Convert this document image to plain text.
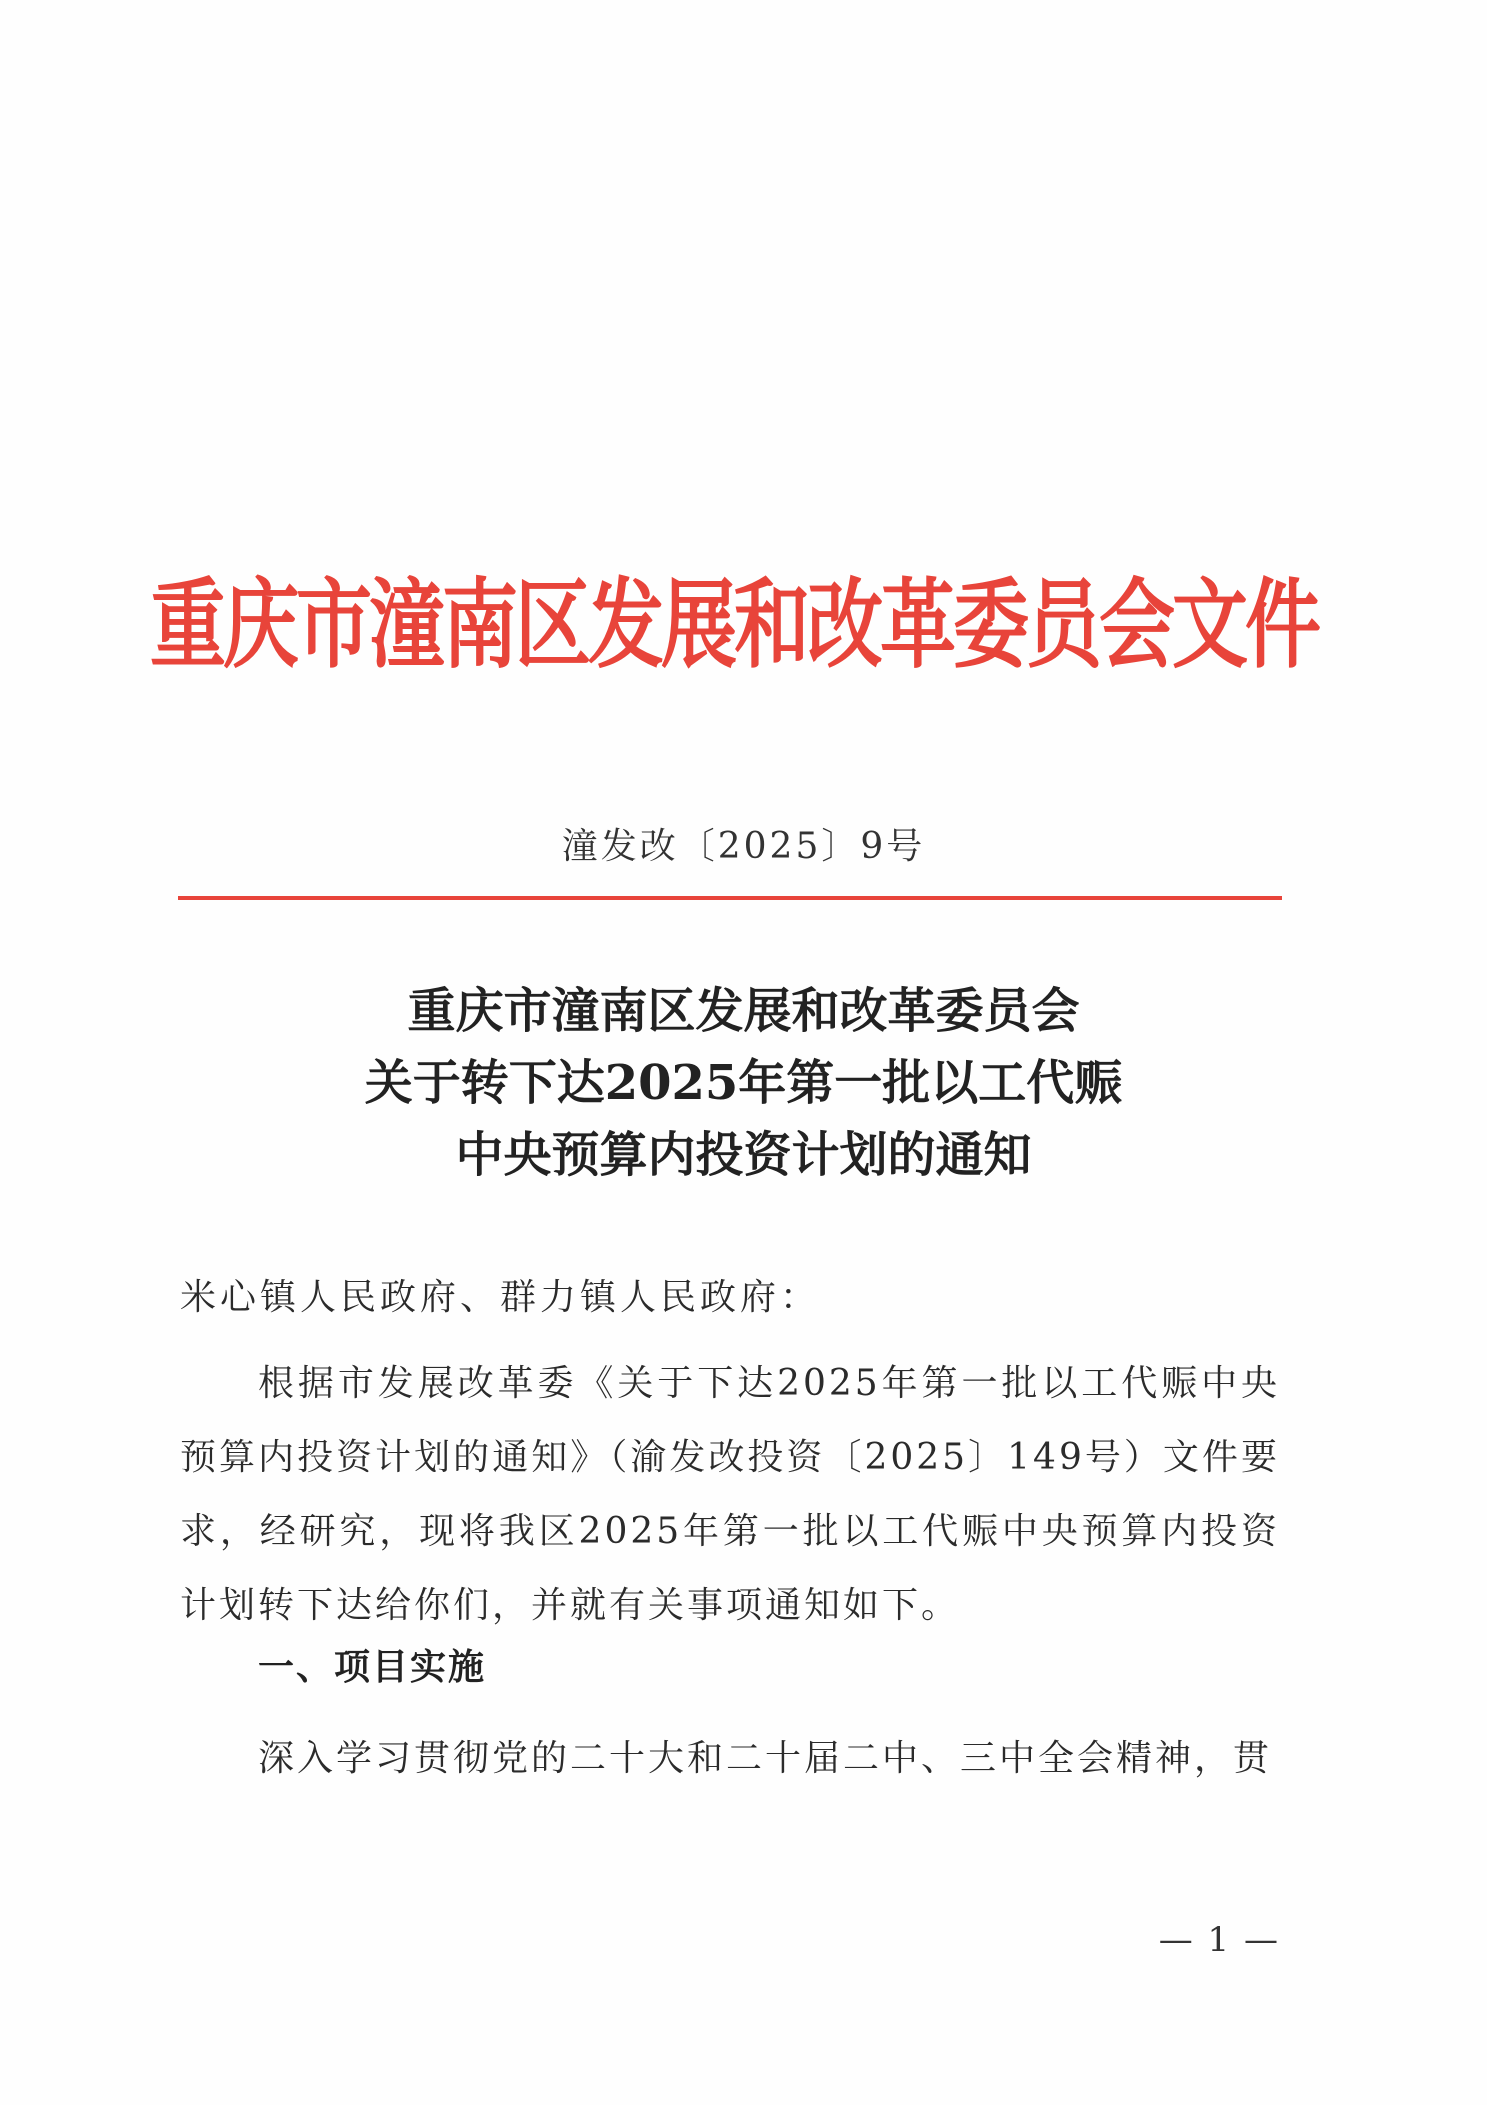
重庆市潼南区发展和改革委员会文件
潼发改〔2025〕9号
重庆市潼南区发展和改革委员会
关于转下达2025年第一批以工代赈
中央预算内投资计划的通知
米心镇人民政府、群力镇人民政府：
根据市发展改革委《关于下达2025年第一批以工代赈中央预算内投资计划的通知》（渝发改投资〔2025〕149号）文件要求，经研究，现将我区2025年第一批以工代赈中央预算内投资计划转下达给你们，并就有关事项通知如下。
一、项目实施
深入学习贯彻党的二十大和二十届二中、三中全会精神，贯
— 1 —
